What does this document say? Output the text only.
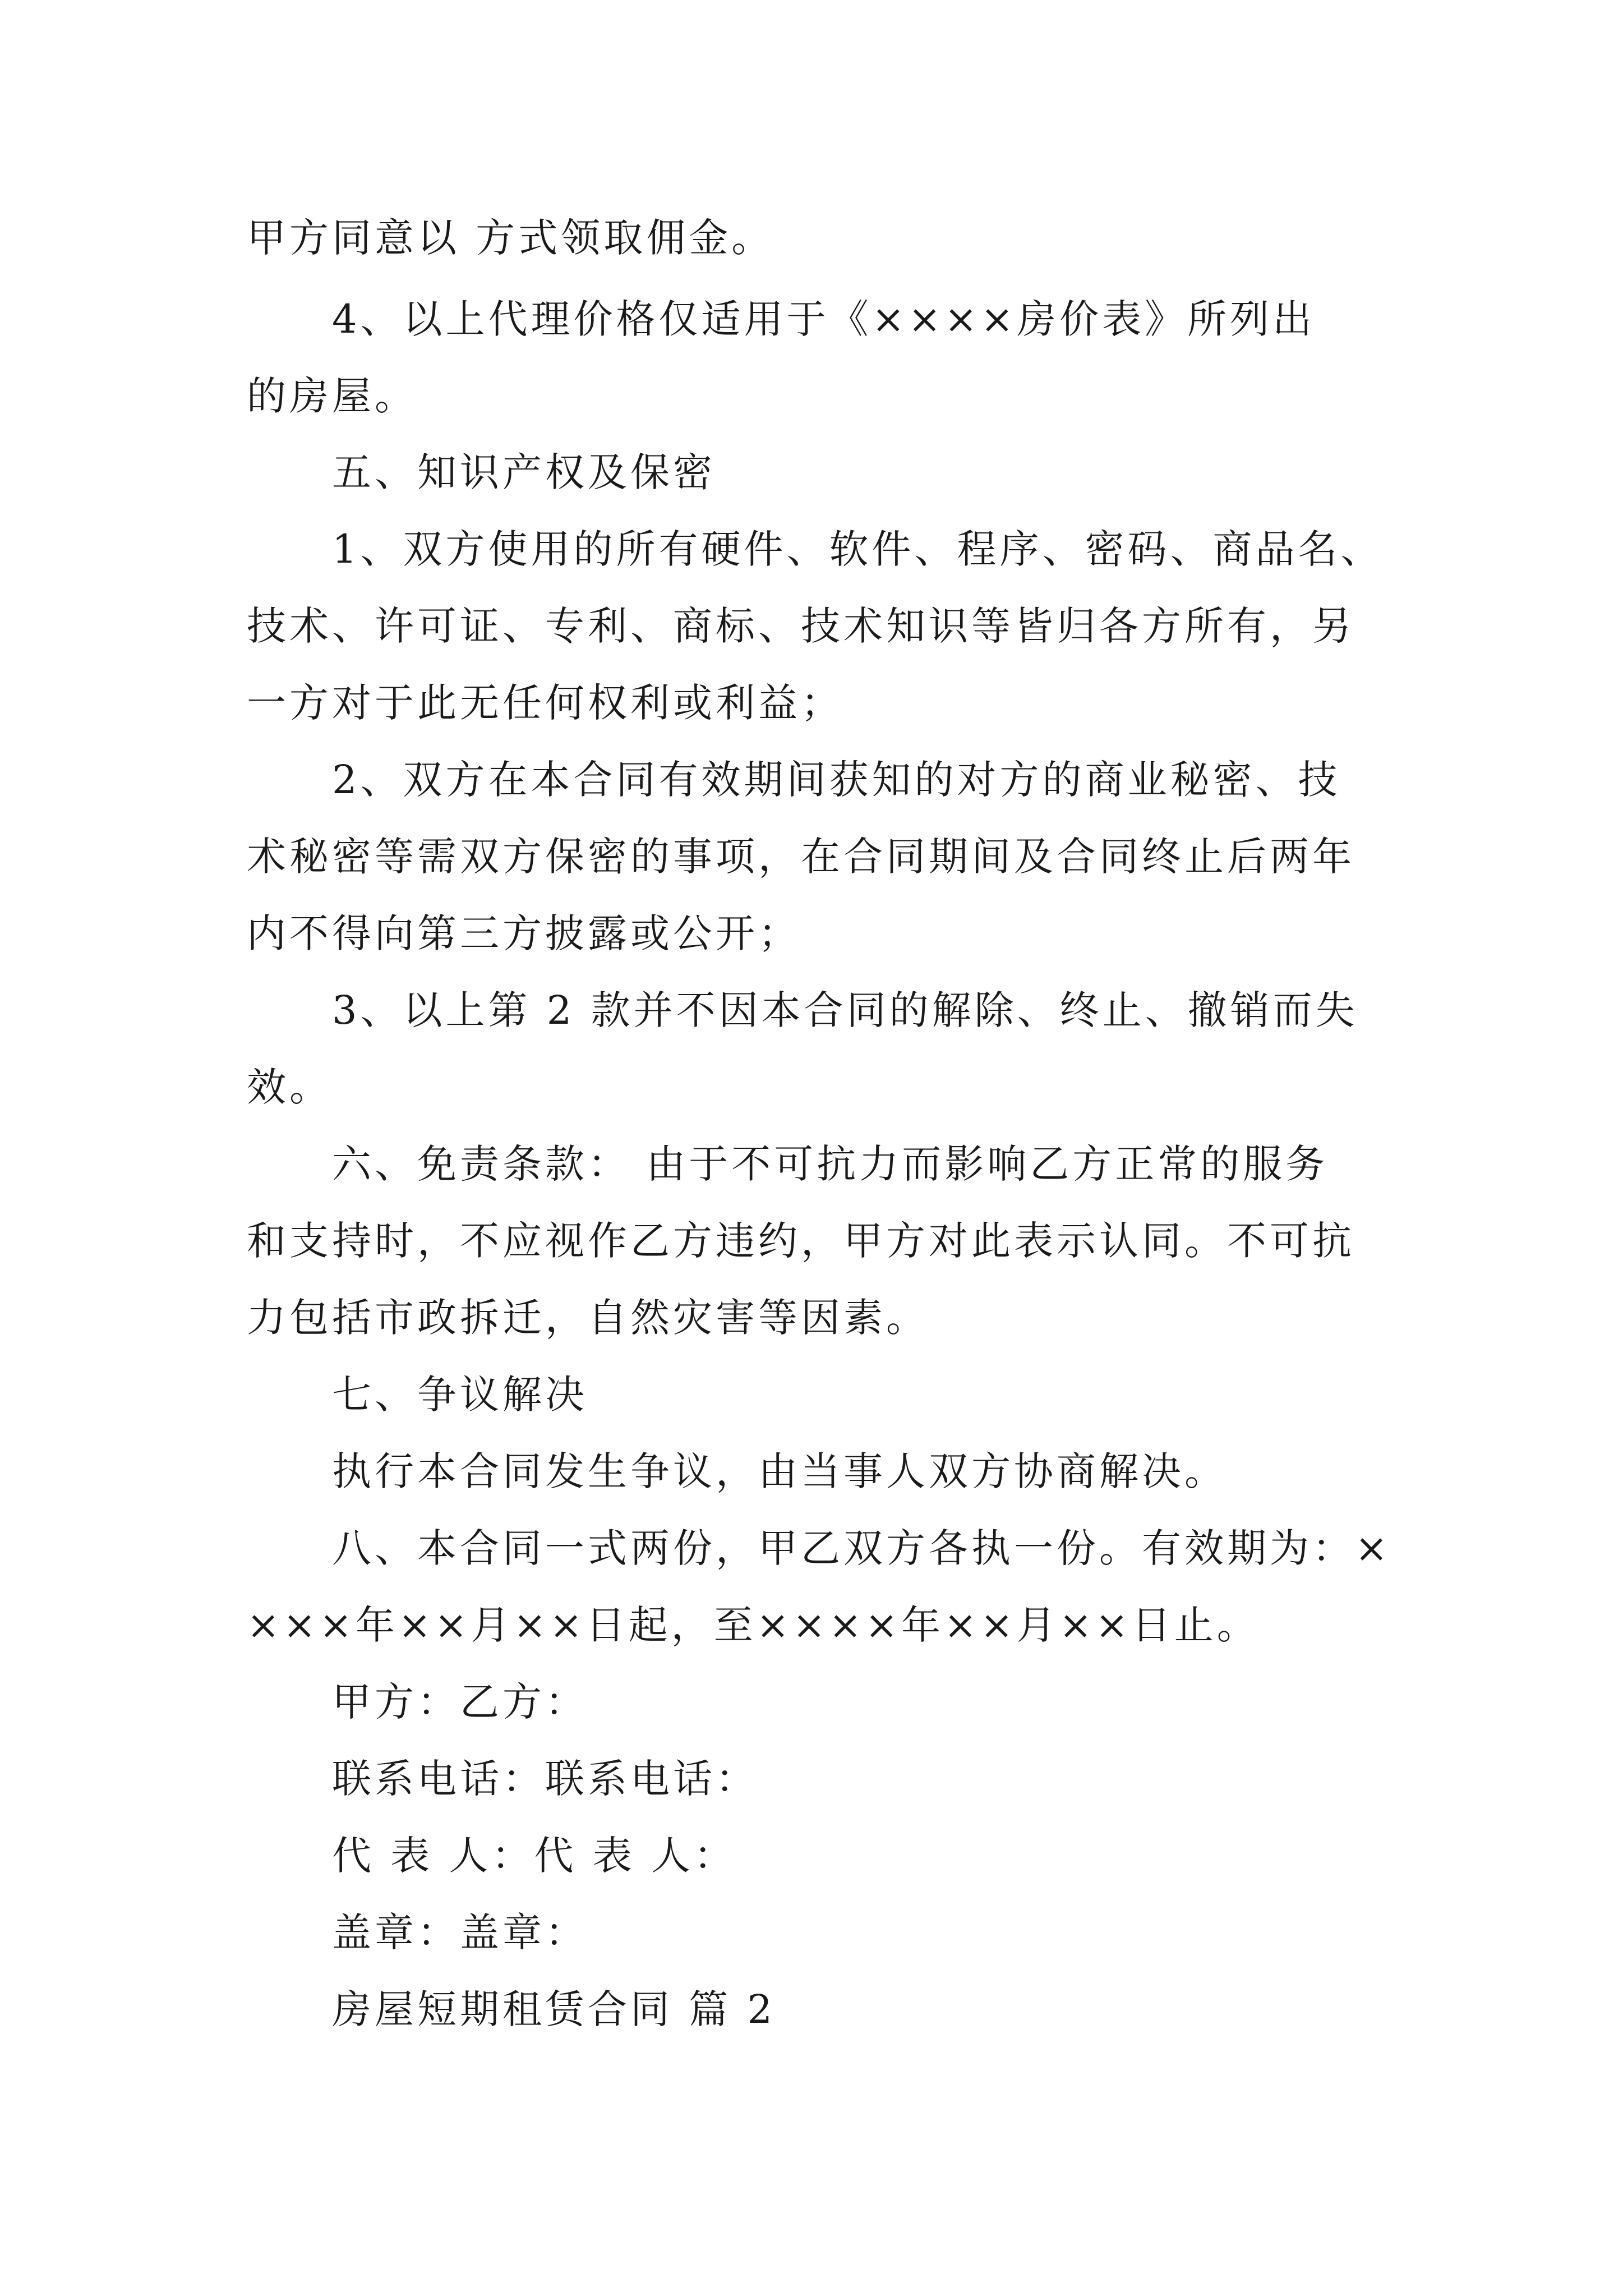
甲方同意以 方式领取佣金。
4、以上代理价格仅适用于《××××房价表》所列出
的房屋。
五、知识产权及保密
1、双方使用的所有硬件、软件、程序、密码、商品名、
技术、许可证、专利、商标、技术知识等皆归各方所有，另
一方对于此无任何权利或利益；
2、双方在本合同有效期间获知的对方的商业秘密、技
术秘密等需双方保密的事项，在合同期间及合同终止后两年
内不得向第三方披露或公开；
3、以上第 2 款并不因本合同的解除、终止、撤销而失
效。
六、免责条款： 由于不可抗力而影响乙方正常的服务
和支持时，不应视作乙方违约，甲方对此表示认同。不可抗
力包括市政拆迁，自然灾害等因素。
七、争议解决
执行本合同发生争议，由当事人双方协商解决。
八、本合同一式两份，甲乙双方各执一份。有效期为：×
×××年××月××日起，至××××年××月××日止。
甲方：乙方：
联系电话：联系电话：
代 表 人：代 表 人：
盖章：盖章：
房屋短期租赁合同 篇 2
